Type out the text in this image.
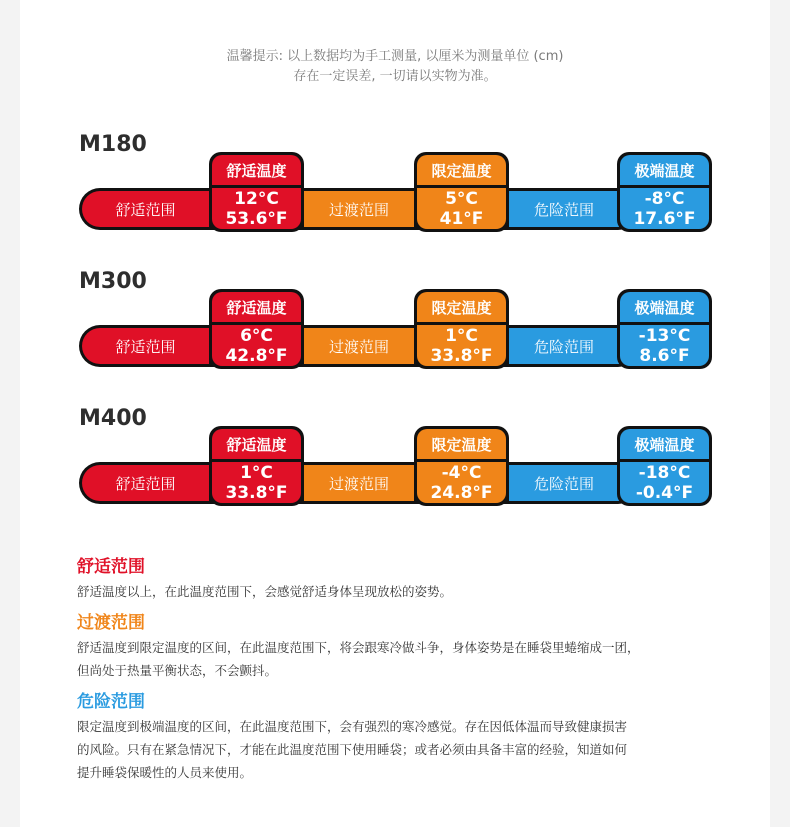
温馨提示: 以上数据均为手工测量, 以厘米为测量单位 (cm)
存在一定误差, 一切请以实物为准。
M180
舒适范围	过渡范围	危险范围
舒适温度
12°C
53.6°F
限定温度
5°C
41°F
极端温度
-8°C
17.6°F
M300
舒适范围	过渡范围	危险范围
舒适温度
6°C
42.8°F
限定温度
1°C
33.8°F
极端温度
-13°C
8.6°F
M400
舒适范围	过渡范围	危险范围
舒适温度
1°C
33.8°F
限定温度
-4°C
24.8°F
极端温度
-18°C
-0.4°F
舒适范围

舒适温度以上，在此温度范围下，会感觉舒适身体呈现放松的姿势。

过渡范围

舒适温度到限定温度的区间，在此温度范围下，将会跟寒冷做斗争，身体姿势是在睡袋里蜷缩成一团，
但尚处于热量平衡状态，不会颤抖。

危险范围

限定温度到极端温度的区间，在此温度范围下，会有强烈的寒冷感觉。存在因低体温而导致健康损害
的风险。只有在紧急情况下，才能在此温度范围下使用睡袋；或者必须由具备丰富的经验，知道如何
提升睡袋保暖性的人员来使用。
